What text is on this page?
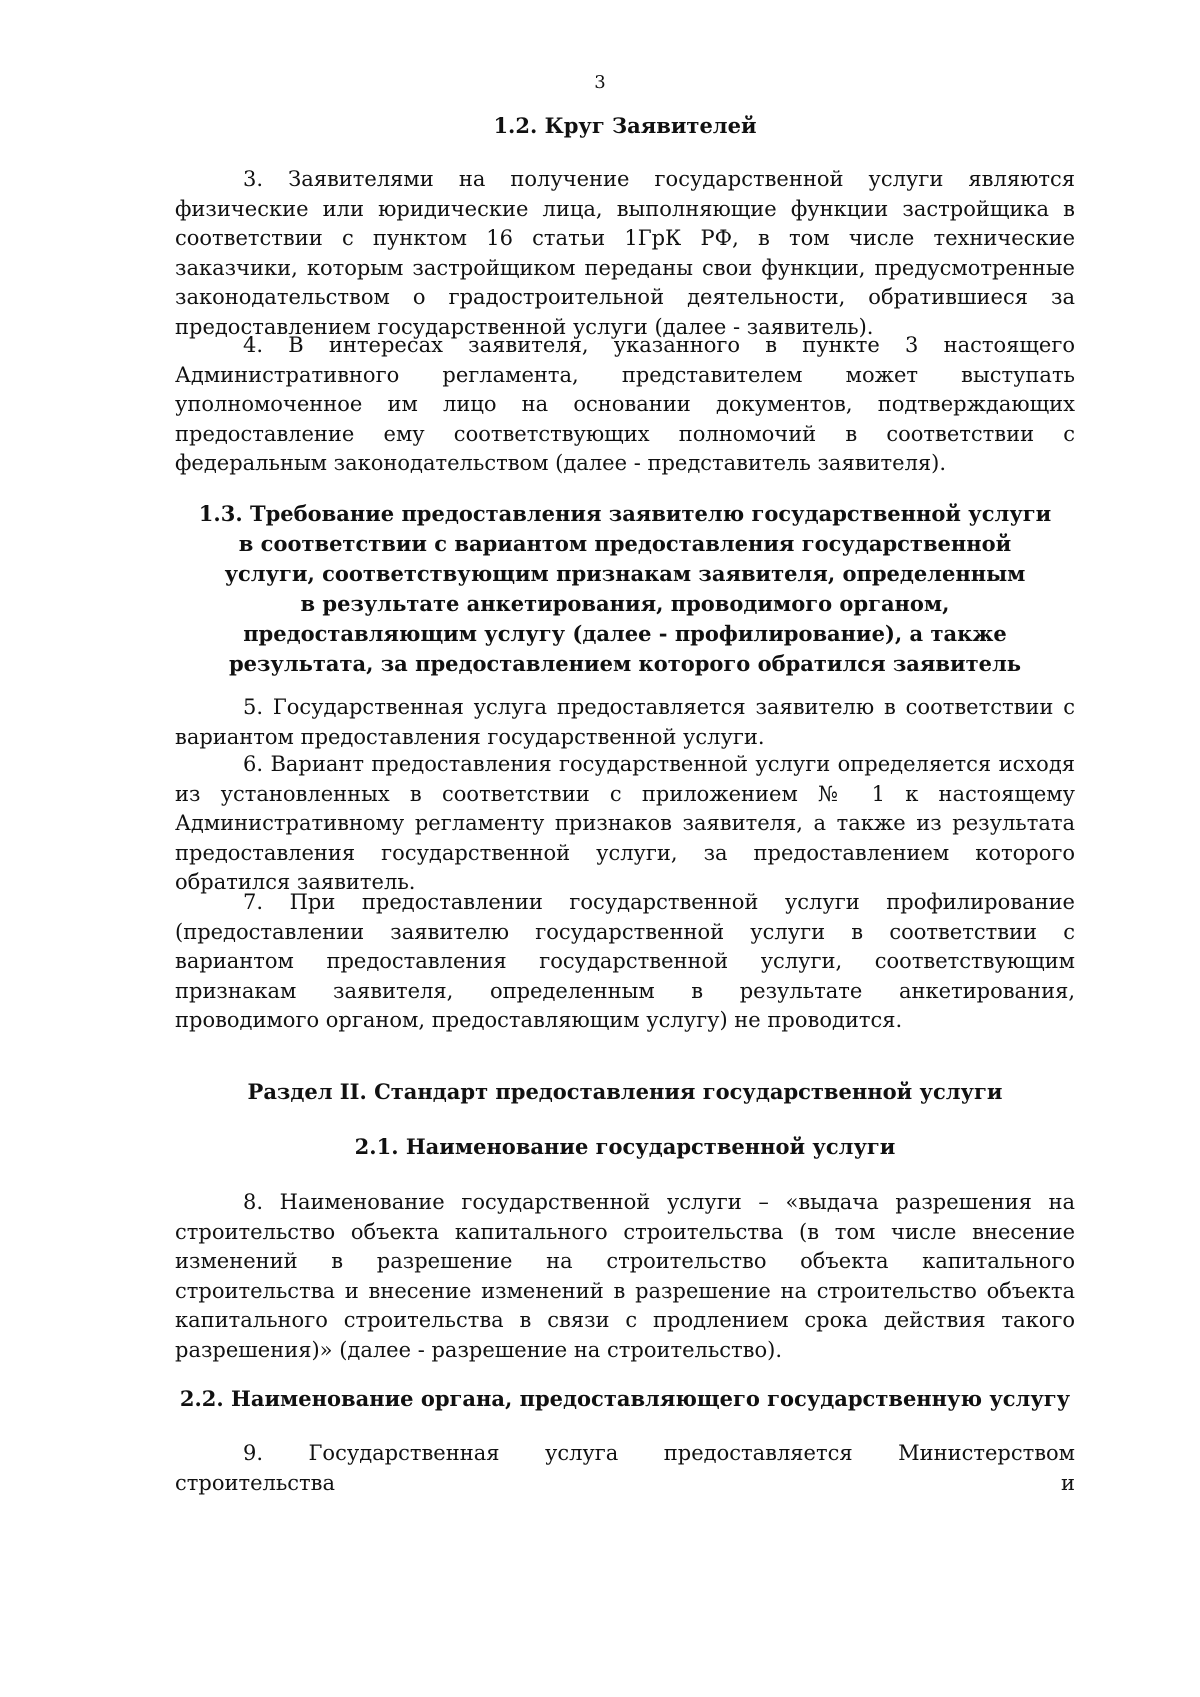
3
1.2. Круг Заявителей

3. Заявителями на получение государственной услуги являются физические или юридические лица, выполняющие функции застройщика в соответствии с пунктом 16 статьи 1ГрК РФ, в том числе технические заказчики, которым застройщиком переданы свои функции, предусмотренные законодательством о градостроительной деятельности, обратившиеся за предоставлением государственной услуги (далее - заявитель).

4. В интересах заявителя, указанного в пункте 3 настоящего Административного регламента, представителем может выступать уполномоченное им лицо на основании документов, подтверждающих предоставление ему соответствующих полномочий в соответствии с федеральным законодательством (далее - представитель заявителя).

1.3. Требование предоставления заявителю государственной услуги
в соответствии с вариантом предоставления государственной
услуги, соответствующим признакам заявителя, определенным
в результате анкетирования, проводимого органом,
предоставляющим услугу (далее - профилирование), а также
результата, за предоставлением которого обратился заявитель

5. Государственная услуга предоставляется заявителю в соответствии с вариантом предоставления государственной услуги.

6. Вариант предоставления государственной услуги определяется исходя из установленных в соответствии с приложением № 1 к настоящему Административному регламенту признаков заявителя, а также из результата предоставления государственной услуги, за предоставлением которого обратился заявитель.

7. При предоставлении государственной услуги профилирование (предоставлении заявителю государственной услуги в соответствии с вариантом предоставления государственной услуги, соответствующим признакам заявителя, определенным в результате анкетирования, проводимого органом, предоставляющим услугу) не проводится.

Раздел II. Стандарт предоставления государственной услуги
2.1. Наименование государственной услуги

8. Наименование государственной услуги – «выдача разрешения на строительство объекта капитального строительства (в том числе внесение изменений в разрешение на строительство объекта капитального строительства и внесение изменений в разрешение на строительство объекта капитального строительства в связи с продлением срока действия такого разрешения)» (далее - разрешение на строительство).

2.2. Наименование органа, предоставляющего государственную услугу

9. Государственная услуга предоставляется Министерством строительства и
